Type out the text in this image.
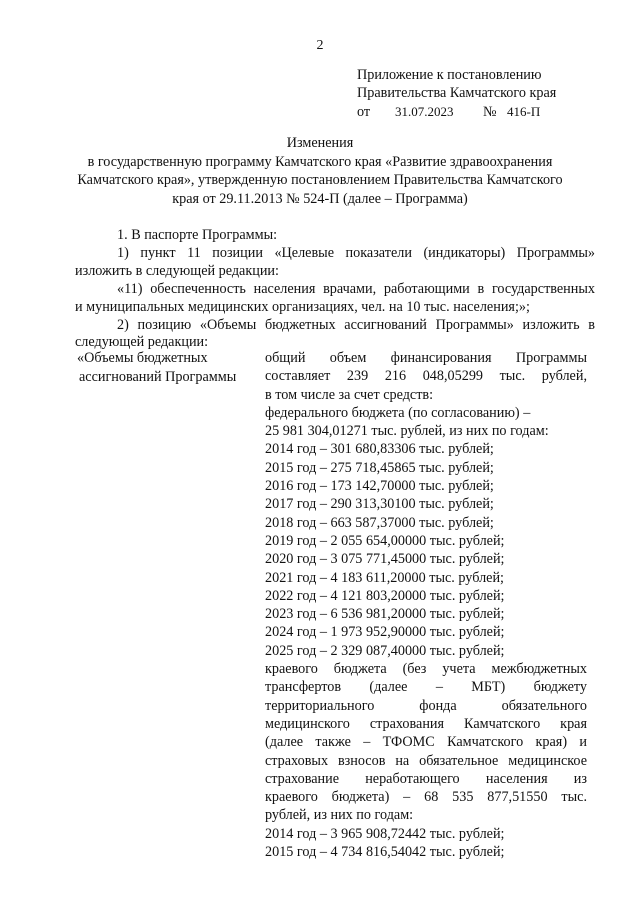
2
Приложение к постановлению
Правительства Камчатского края
от 31.07.2023 № 416-П
Изменения
в государственную программу Камчатского края «Развитие здравоохранения
Камчатского края», утвержденную постановлением Правительства Камчатского
края от 29.11.2013 № 524-П (далее – Программа)

1. В паспорте Программы:

1) пункт 11 позиции «Целевые показатели (индикаторы) Программы»

изложить в следующей редакции:

«11) обеспеченность населения врачами, работающими в государственных

и муниципальных медицинских организациях, чел. на 10 тыс. населения;»;

2) позицию «Объемы бюджетных ассигнований Программы» изложить в

следующей редакции:

«Объемы бюджетных
ассигнований Программы
общий объем финансирования Программы
составляет 239 216 048,05299 тыс. рублей,
в том числе за счет средств:
федерального бюджета (по согласованию) –
25 981 304,01271 тыс. рублей, из них по годам:
2014 год – 301 680,83306 тыс. рублей;
2015 год – 275 718,45865 тыс. рублей;
2016 год – 173 142,70000 тыс. рублей;
2017 год – 290 313,30100 тыс. рублей;
2018 год – 663 587,37000 тыс. рублей;
2019 год – 2 055 654,00000 тыс. рублей;
2020 год – 3 075 771,45000 тыс. рублей;
2021 год – 4 183 611,20000 тыс. рублей;
2022 год – 4 121 803,20000 тыс. рублей;
2023 год – 6 536 981,20000 тыс. рублей;
2024 год – 1 973 952,90000 тыс. рублей;
2025 год – 2 329 087,40000 тыс. рублей;
краевого бюджета (без учета межбюджетных
трансфертов (далее – МБТ) бюджету
территориального фонда обязательного
медицинского страхования Камчатского края
(далее также – ТФОМС Камчатского края) и
страховых взносов на обязательное медицинское
страхование неработающего населения из
краевого бюджета) – 68 535 877,51550 тыс.
рублей, из них по годам:
2014 год – 3 965 908,72442 тыс. рублей;
2015 год – 4 734 816,54042 тыс. рублей;
